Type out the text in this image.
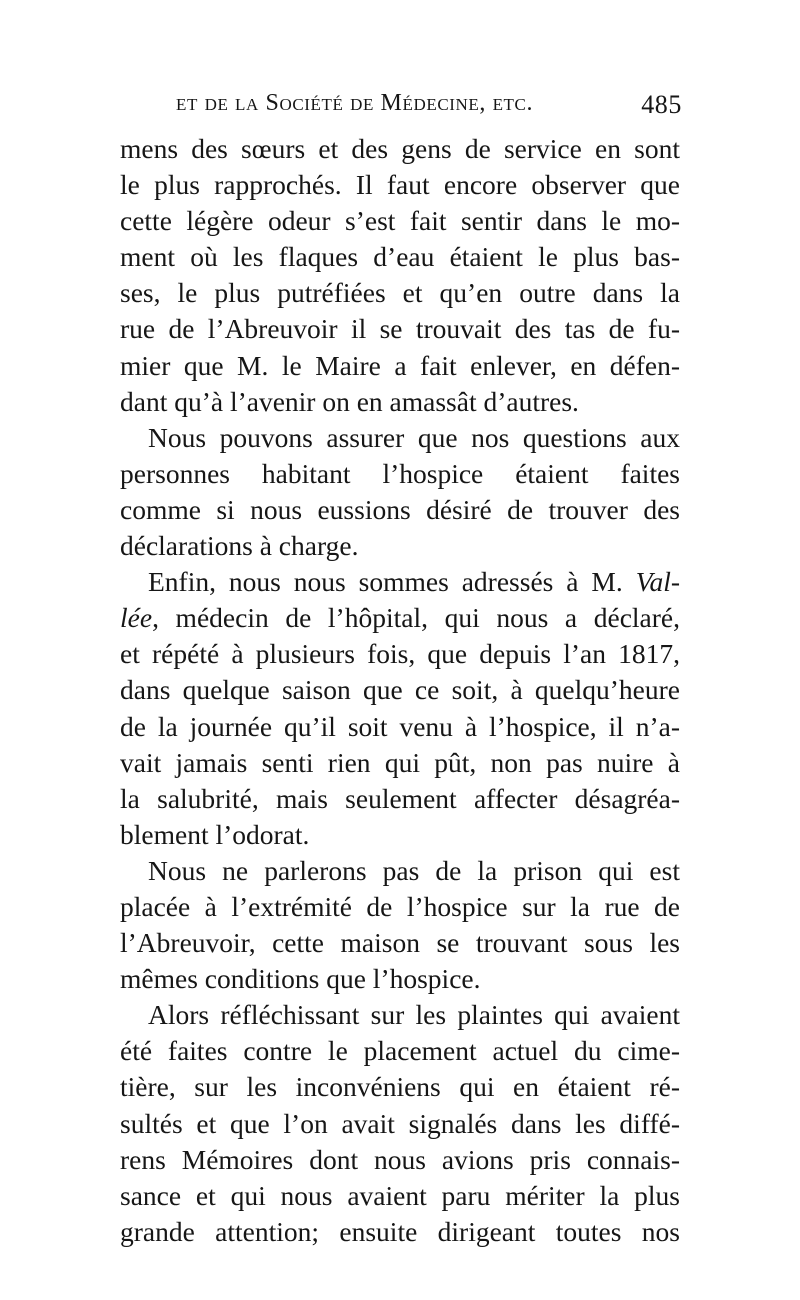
et de la Société de Médecine, etc.	485
mens des sœurs et des gens de service en sont
le plus rapprochés. Il faut encore observer que
cette légère odeur s’est fait sentir dans le mo-
ment où les flaques d’eau étaient le plus bas-
ses, le plus putréfiées et qu’en outre dans la
rue de l’Abreuvoir il se trouvait des tas de fu-
mier que M. le Maire a fait enlever, en défen-
dant qu’à l’avenir on en amassât d’autres.
Nous pouvons assurer que nos questions aux
personnes habitant l’hospice étaient faites
comme si nous eussions désiré de trouver des
déclarations à charge.
Enfin, nous nous sommes adressés à M. Val-
lée, médecin de l’hôpital, qui nous a déclaré,
et répété à plusieurs fois, que depuis l’an 1817,
dans quelque saison que ce soit, à quelqu’heure
de la journée qu’il soit venu à l’hospice, il n’a-
vait jamais senti rien qui pût, non pas nuire à
la salubrité, mais seulement affecter désagréa-
blement l’odorat.
Nous ne parlerons pas de la prison qui est
placée à l’extrémité de l’hospice sur la rue de
l’Abreuvoir, cette maison se trouvant sous les
mêmes conditions que l’hospice.
Alors réfléchissant sur les plaintes qui avaient
été faites contre le placement actuel du cime-
tière, sur les inconvéniens qui en étaient ré-
sultés et que l’on avait signalés dans les diffé-
rens Mémoires dont nous avions pris connais-
sance et qui nous avaient paru mériter la plus
grande attention; ensuite dirigeant toutes nos
